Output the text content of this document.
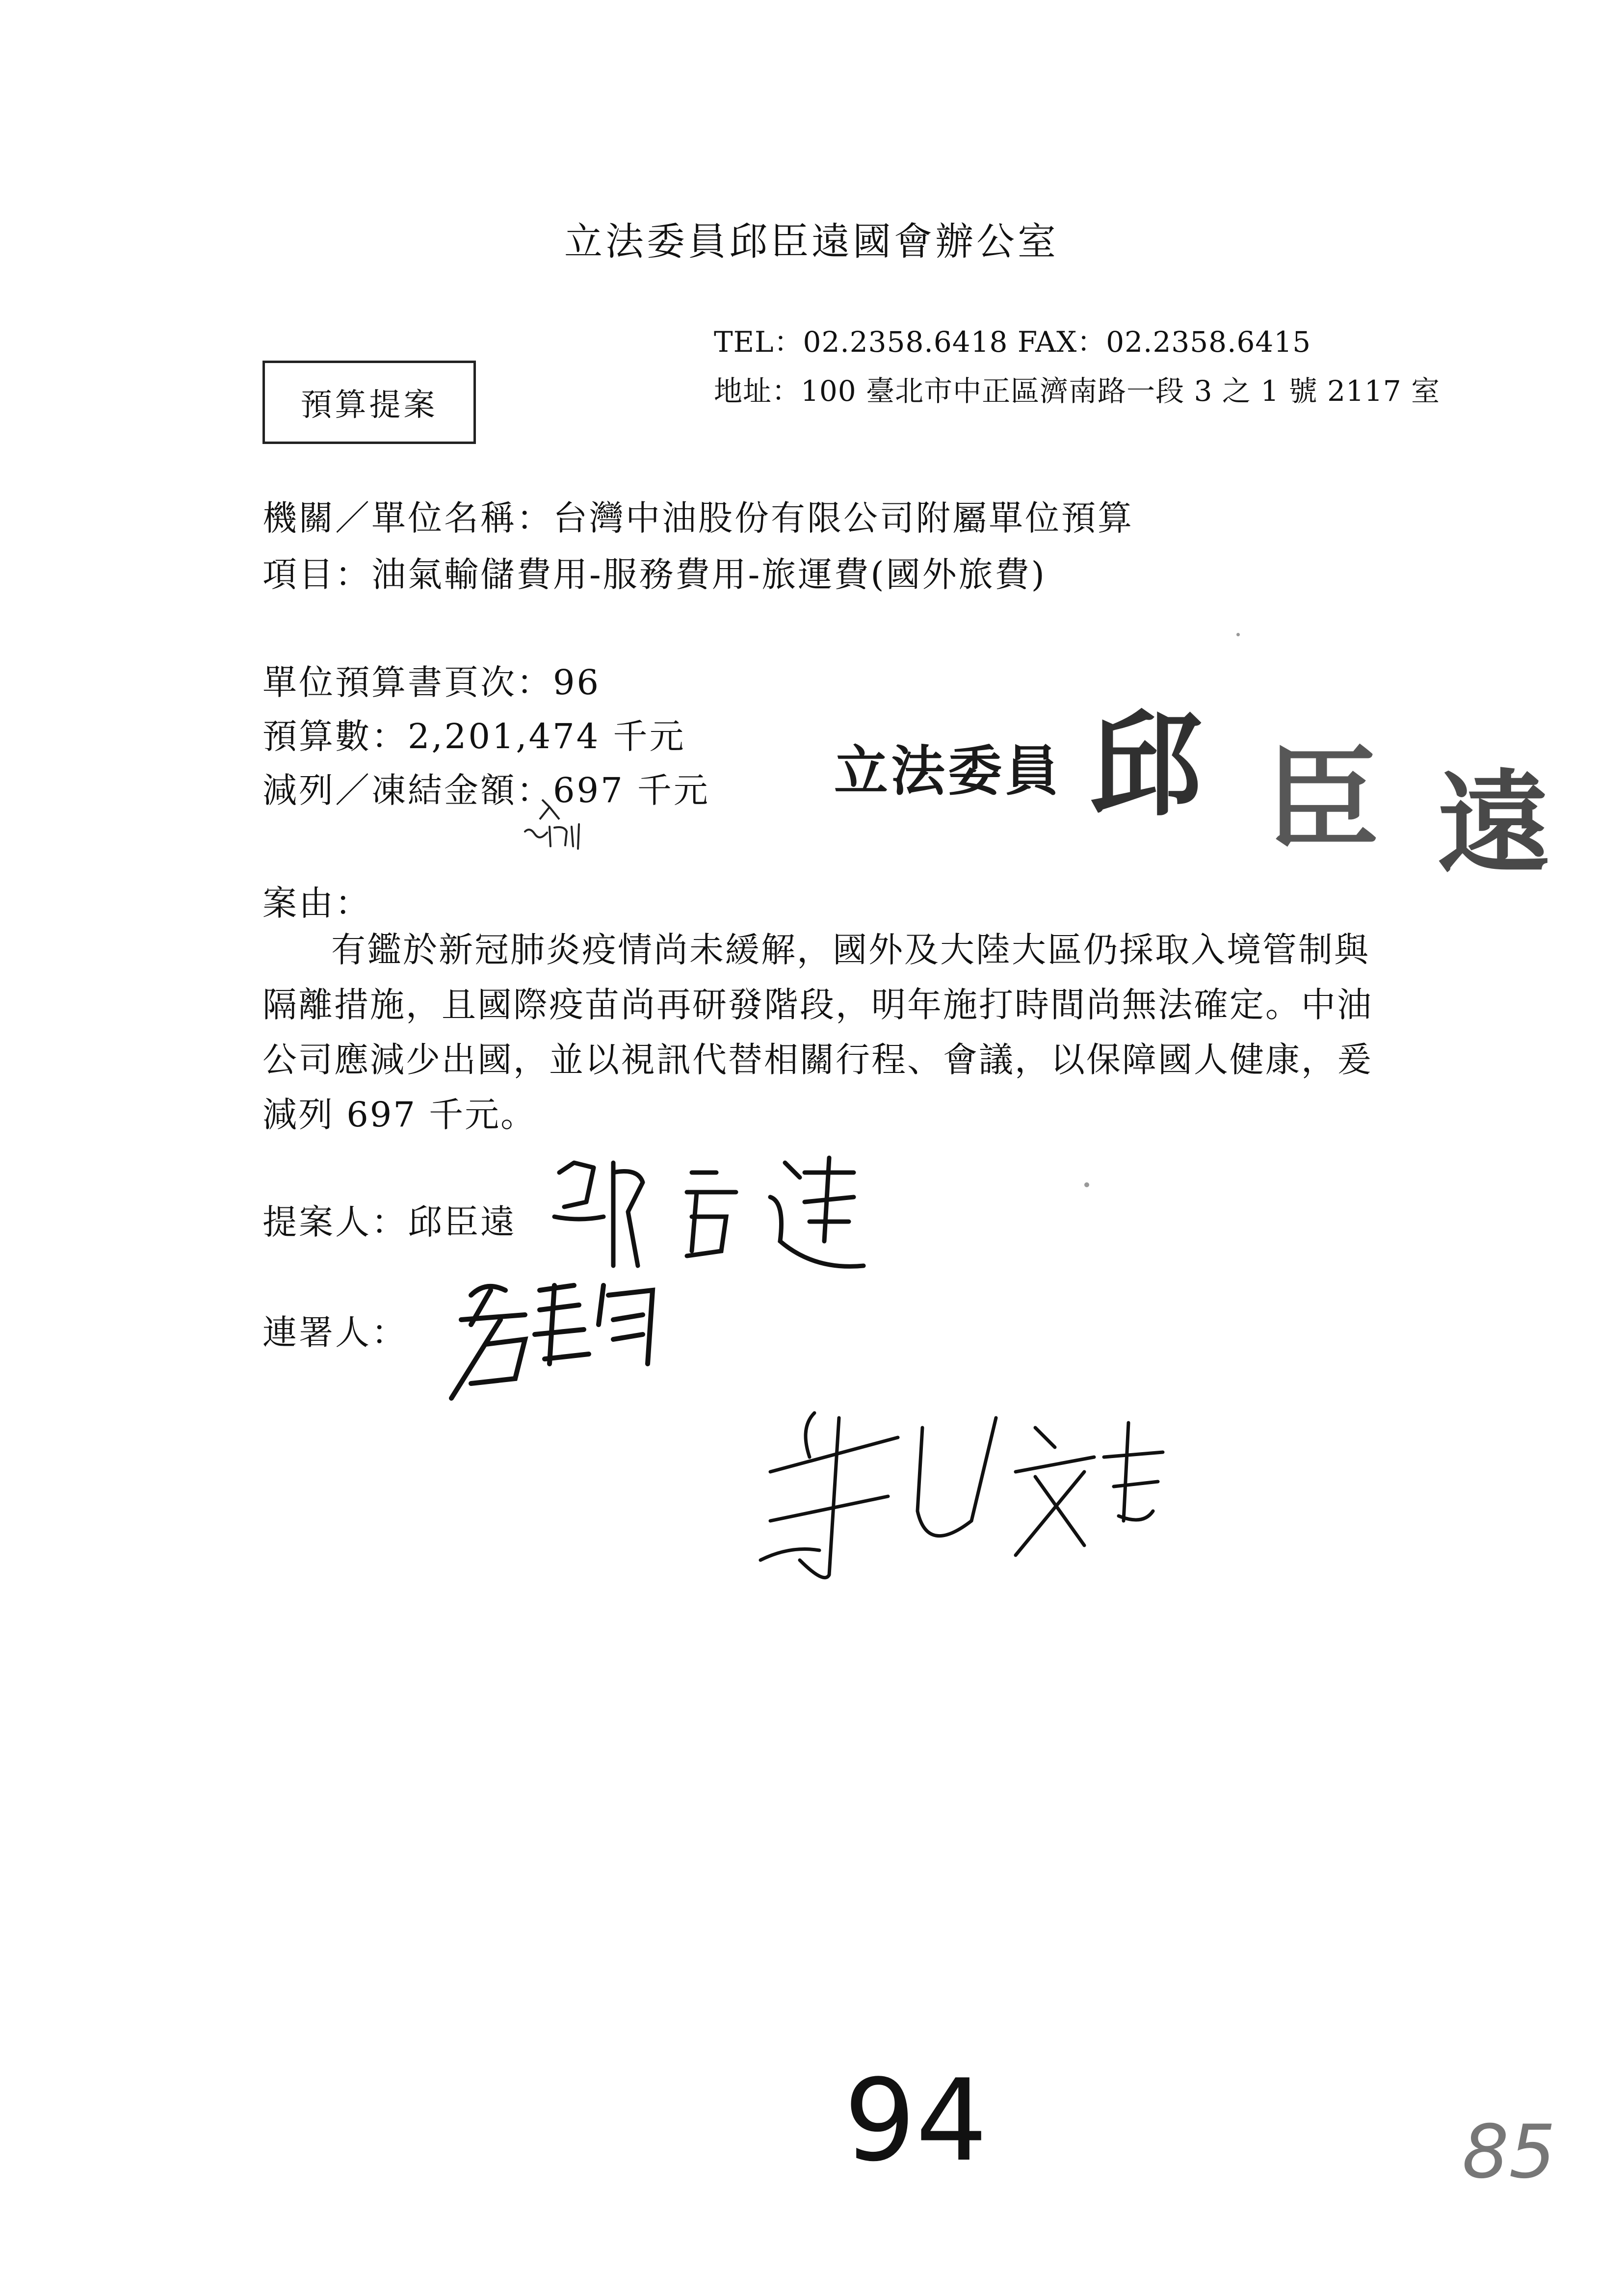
立法委員邱臣遠國會辦公室
TEL：02.2358.6418 FAX：02.2358.6415
地址：100 臺北市中正區濟南路一段 3 之 1 號 2117 室
預算提案
機關／單位名稱：台灣中油股份有限公司附屬單位預算
項目：油氣輸儲費用-服務費用-旅運費(國外旅費)
單位預算書頁次：96
預算數：2,201,474 千元
減列／凍結金額：697 千元 立法委員 邱 臣 遠
案由：

有鑑於新冠肺炎疫情尚未緩解，國外及大陸大區仍採取入境管制與隔離措施，且國際疫苗尚再研發階段，明年施打時間尚無法確定。中油公司應減少出國，並以視訊代替相關行程、會議，以保障國人健康，爰減列 697 千元。

提案人：邱臣遠
連署人：
94	85
